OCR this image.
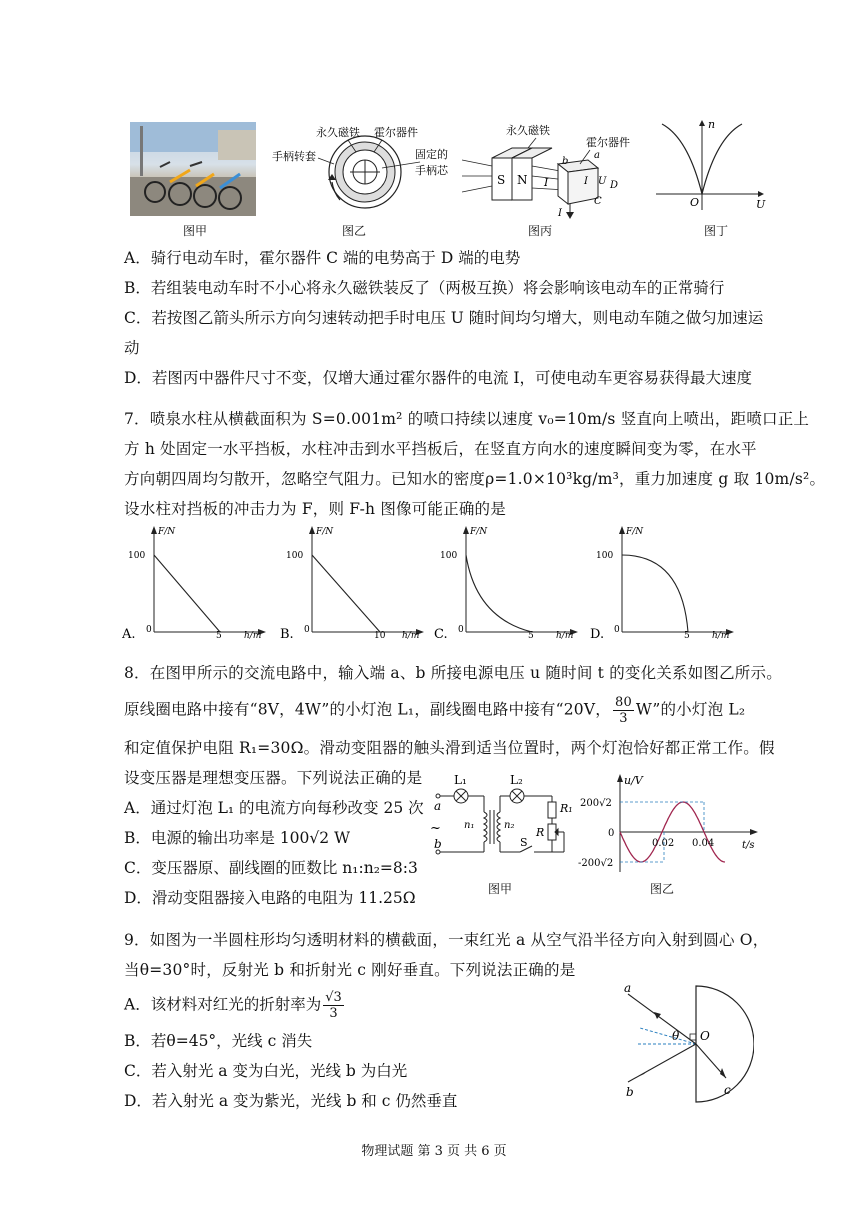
图甲
永久磁铁 霍尔器件
手柄转套	固定的
手柄芯
图乙
S N
永久磁铁
霍尔器件
I
a
b
C
D
U
I
I
图丙
n
O	U
图丁
A．骑行电动车时，霍尔器件 C 端的电势高于 D 端的电势
B．若组装电动车时不小心将永久磁铁装反了（两极互换）将会影响该电动车的正常骑行
C．若按图乙箭头所示方向匀速转动把手时电压 U 随时间均匀增大，则电动车随之做匀加速运
动
D．若图丙中器件尺寸不变，仅增大通过霍尔器件的电流 I，可使电动车更容易获得最大速度
7．喷泉水柱从横截面积为 S=0.001m² 的喷口持续以速度 v₀=10m/s 竖直向上喷出，距喷口正上
方 h 处固定一水平挡板，水柱冲击到水平挡板后，在竖直方向水的速度瞬间变为零，在水平
方向朝四周均匀散开，忽略空气阻力。已知水的密度ρ=1.0×10³kg/m³，重力加速度 g 取 10m/s²。
设水柱对挡板的冲击力为 F，则 F-h 图像可能正确的是
A.
F/N
100
0
5 h/m B.
F/N
100
0
10 h/m C.
F/N
100
0
5 h/m D.
F/N
100
0
5 h/m
8．在图甲所示的交流电路中，输入端 a、b 所接电源电压 u 随时间 t 的变化关系如图乙所示。
原线圈电路中接有“8V，4W”的小灯泡 L₁，副线圈电路中接有“20V， $\frac{80}{3} W$”的小灯泡 L₂
和定值保护电阻 R₁=30Ω。滑动变阻器的触头滑到适当位置时，两个灯泡恰好都正常工作。假
设变压器是理想变压器。下列说法正确的是
A．通过灯泡 L₁ 的电流方向每秒改变 25 次
B．电源的输出功率是 100√2 W
C．变压器原、副线圈的匝数比 n₁:n₂=8:3
D．滑动变阻器接入电路的电阻为 11.25Ω
L₁	L₂
a
b
n₁	n₂
R₁
R
S
~
图甲
u/V
200√2
0
-200√2
0.02 0.04	t/s
图乙
9．如图为一半圆柱形均匀透明材料的横截面，一束红光 a 从空气沿半径方向入射到圆心 O，
当θ=30°时，反射光 b 和折射光 c 刚好垂直。下列说法正确的是
A．该材料对红光的折射率为 $\frac{√3}{3}$
B．若θ=45°，光线 c 消失
C．若入射光 a 变为白光，光线 b 为白光
D．若入射光 a 变为紫光，光线 b 和 c 仍然垂直
a
θ O
b	c
物理试题 第 3 页 共 6 页
